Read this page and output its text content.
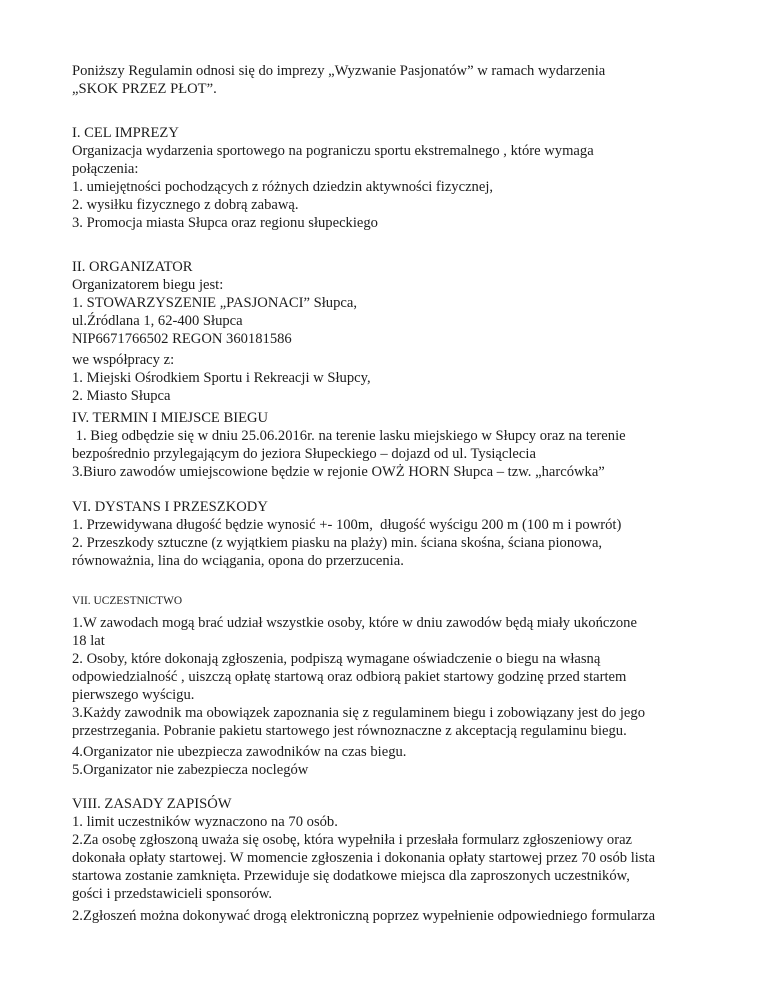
Poniższy Regulamin odnosi się do imprezy „Wyzwanie Pasjonatów” w ramach wydarzenia
„SKOK PRZEZ PŁOT”.
I. CEL IMPREZY
Organizacja wydarzenia sportowego na pograniczu sportu ekstremalnego , które wymaga
połączenia:
1. umiejętności pochodzących z różnych dziedzin aktywności fizycznej,
2. wysiłku fizycznego z dobrą zabawą.
3. Promocja miasta Słupca oraz regionu słupeckiego
II. ORGANIZATOR
Organizatorem biegu jest:
1. STOWARZYSZENIE „PASJONACI” Słupca,
ul.Źródlana 1, 62-400 Słupca
NIP6671766502 REGON 360181586
we współpracy z:
1. Miejski Ośrodkiem Sportu i Rekreacji w Słupcy,
2. Miasto Słupca
IV. TERMIN I MIEJSCE BIEGU
1. Bieg odbędzie się w dniu 25.06.2016r. na terenie lasku miejskiego w Słupcy oraz na terenie
bezpośrednio przylegającym do jeziora Słupeckiego – dojazd od ul. Tysiąclecia
3.Biuro zawodów umiejscowione będzie w rejonie OWŻ HORN Słupca – tzw. „harcówka”
VI. DYSTANS I PRZESZKODY
1. Przewidywana długość będzie wynosić +- 100m,  długość wyścigu 200 m (100 m i powrót)
2. Przeszkody sztuczne (z wyjątkiem piasku na plaży) min. ściana skośna, ściana pionowa,
równoważnia, lina do wciągania, opona do przerzucenia.
VII. UCZESTNICTWO
1.W zawodach mogą brać udział wszystkie osoby, które w dniu zawodów będą miały ukończone
18 lat
2. Osoby, które dokonają zgłoszenia, podpiszą wymagane oświadczenie o biegu na własną
odpowiedzialność , uiszczą opłatę startową oraz odbiorą pakiet startowy godzinę przed startem
pierwszego wyścigu.
3.Każdy zawodnik ma obowiązek zapoznania się z regulaminem biegu i zobowiązany jest do jego
przestrzegania. Pobranie pakietu startowego jest równoznaczne z akceptacją regulaminu biegu.
4.Organizator nie ubezpiecza zawodników na czas biegu.
5.Organizator nie zabezpiecza noclegów
VIII. ZASADY ZAPISÓW
1. limit uczestników wyznaczono na 70 osób.
2.Za osobę zgłoszoną uważa się osobę, która wypełniła i przesłała formularz zgłoszeniowy oraz
dokonała opłaty startowej. W momencie zgłoszenia i dokonania opłaty startowej przez 70 osób lista
startowa zostanie zamknięta. Przewiduje się dodatkowe miejsca dla zaproszonych uczestników,
gości i przedstawicieli sponsorów.
2.Zgłoszeń można dokonywać drogą elektroniczną poprzez wypełnienie odpowiedniego formularza
